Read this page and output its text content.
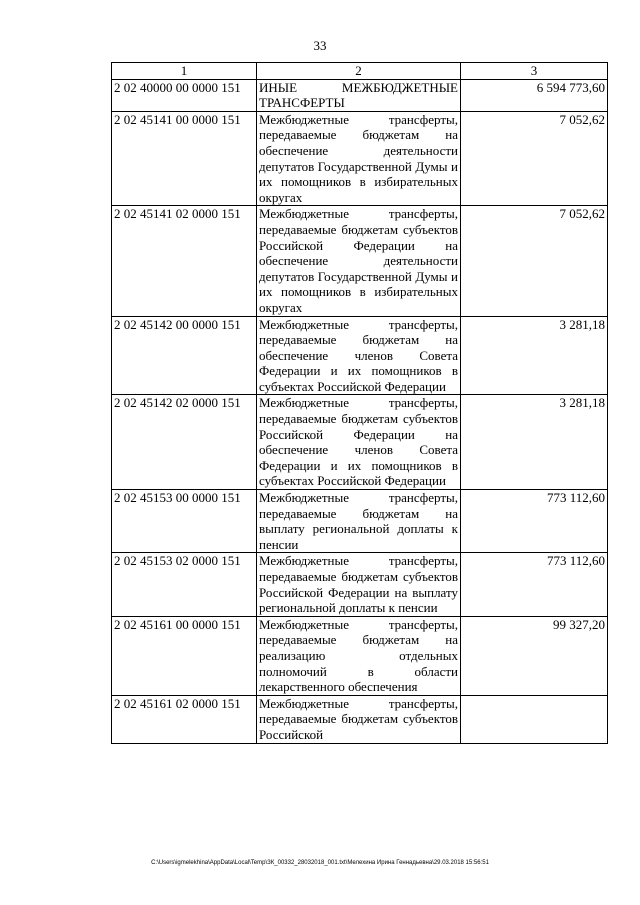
33
1	2	3
2 02 40000 00 0000 151	ИНЫЕ МЕЖБЮДЖЕТНЫЕ ТРАНСФЕРТЫ	6 594 773,60
2 02 45141 00 0000 151	Межбюджетные трансферты, передаваемые бюджетам на обеспечение деятельности депутатов Государственной Думы и их помощников в избирательных округах	7 052,62
2 02 45141 02 0000 151	Межбюджетные трансферты, передаваемые бюджетам субъектов Российской Федерации на обеспечение деятельности депутатов Государственной Думы и их помощников в избирательных округах	7 052,62
2 02 45142 00 0000 151	Межбюджетные трансферты, передаваемые бюджетам на обеспечение членов Совета Федерации и их помощников в субъектах Российской Федерации	3 281,18
2 02 45142 02 0000 151	Межбюджетные трансферты, передаваемые бюджетам субъектов Российской Федерации на обеспечение членов Совета Федерации и их помощников в субъектах Российской Федерации	3 281,18
2 02 45153 00 0000 151	Межбюджетные трансферты, передаваемые бюджетам на выплату региональной доплаты к пенсии	773 112,60
2 02 45153 02 0000 151	Межбюджетные трансферты, передаваемые бюджетам субъектов Российской Федерации на выплату региональной доплаты к пенсии	773 112,60
2 02 45161 00 0000 151	Межбюджетные трансферты, передаваемые бюджетам на реализацию отдельных полномочий в области лекарственного обеспечения	99 327,20
2 02 45161 02 0000 151	Межбюджетные трансферты, передаваемые бюджетам субъектов Российской	
C:\Users\igmelekhina\AppData\Local\Temp\ЗК_00332_28032018_001.txt\Мелехина Ирина Геннадьевна\29.03.2018 15:56:51
